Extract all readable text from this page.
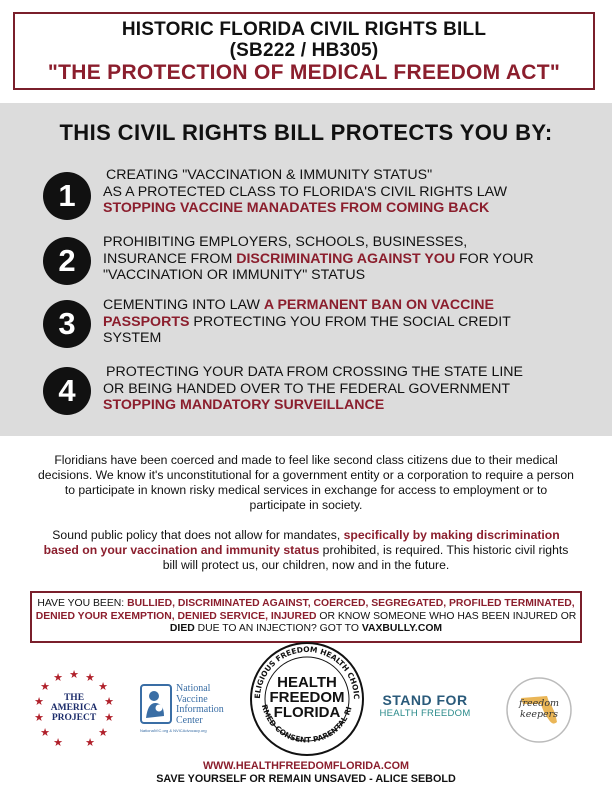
HISTORIC FLORIDA CIVIL RIGHTS BILL
(SB222 / HB305)
"THE PROTECTION OF MEDICAL FREEDOM ACT"
THIS CIVIL RIGHTS BILL PROTECTS YOU BY:
1
CREATING "VACCINATION & IMMUNITY STATUS"
AS A PROTECTED CLASS TO FLORIDA'S CIVIL RIGHTS LAW
STOPPING VACCINE MANADATES FROM COMING BACK
2
PROHIBITING EMPLOYERS, SCHOOLS, BUSINESSES,
INSURANCE FROM DISCRIMINATING AGAINST YOU FOR YOUR
"VACCINATION OR IMMUNITY" STATUS
3
CEMENTING INTO LAW A PERMANENT BAN ON VACCINE
PASSPORTS PROTECTING YOU FROM THE SOCIAL CREDIT
SYSTEM
4
PROTECTING YOUR DATA FROM CROSSING THE STATE LINE
OR BEING HANDED OVER TO THE FEDERAL GOVERNMENT
STOPPING MANDATORY SURVEILLANCE
Floridians have been coerced and made to feel like second class citizens due to their medical decisions. We know it's unconstitutional for a government entity or a corporation to require a person to participate in known risky medical services in exchange for access to employment or to participate in society.
Sound public policy that does not allow for mandates, specifically by making discrimination based on your vaccination and immunity status prohibited, is required. This historic civil rights bill will protect us, our children, now and in the future.
HAVE YOU BEEN: BULLIED, DISCRIMINATED AGAINST, COERCED, SEGREGATED, PROFILED TERMINATED, DENIED YOUR EXEMPTION, DENIED SERVICE, INJURED OR KNOW SOMEONE WHO HAS BEEN INJURED OR DIED DUE TO AN INJECTION? GOT TO VAXBULLY.COM
★ ★
★
★
★
★
★
★
★
★
★
★
★
THE
AMERICA
PROJECT
National
Vaccine
Information
Center
NationalVIC.org & NVICAdvocacy.org
ELIGIOUS FREEDOM HEALTH CHOIC
RMED CONSENT PARENTAL RI
HEALTH
FREEDOM
FLORIDA
STAND FOR
HEALTH FREEDOM
freedom
keepers
WWW.HEALTHFREEDOMFLORIDA.COM
SAVE YOURSELF OR REMAIN UNSAVED - ALICE SEBOLD
